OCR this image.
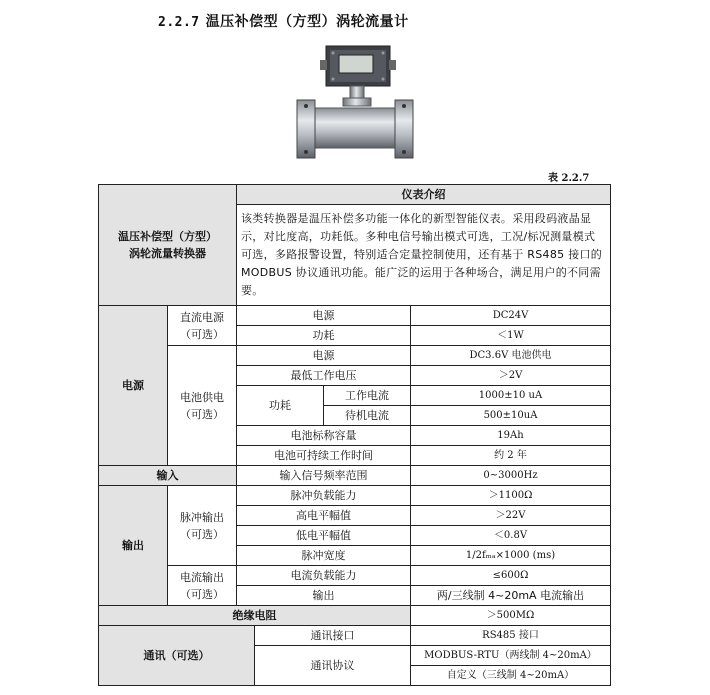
2.2.7 温压补偿型（方型）涡轮流量计
表 2.2.7
温压补偿型（方型）
涡轮流量转换器		仪表介绍			
		该类转换器是温压补偿多功能一体化的新型智能仪表。采用段码液晶显示，对比度高，功耗低。多种电信号输出模式可选，工况/标况测量模式可选，多路报警设置，特别适合定量控制使用，还有基于 RS485 接口的 MODBUS 协议通讯功能。能广泛的运用于各种场合，满足用户的不同需要。			
电源	直流电源
（可选）	电源			DC24V
		功耗			＜1W

	电池供电
（可选）	电源			DC3.6V 电池供电
		最低工作电压			＞2V
		功耗		工作电流	1000±10 uA
				待机电流	500±10uA
		电池标称容量			19Ah
		电池可持续工作时间			约 2 年
输入		输入信号频率范围			0~3000Hz
输出	脉冲输出
（可选）	脉冲负载能力			＞1100Ω
		高电平幅值			＞22V
		低电平幅值			＜0.8V
		脉冲宽度			1/2fₘₐ×1000 (ms)

	电流输出
（可选）	电流负载能力			≤600Ω
		输出			两/三线制 4~20mA 电流输出
绝缘电阻					＞500MΩ
通讯（可选）			通讯接口		RS485 接口
			通讯协议		MODBUS-RTU（两线制 4~20mA）
					自定义（三线制 4~20mA）
